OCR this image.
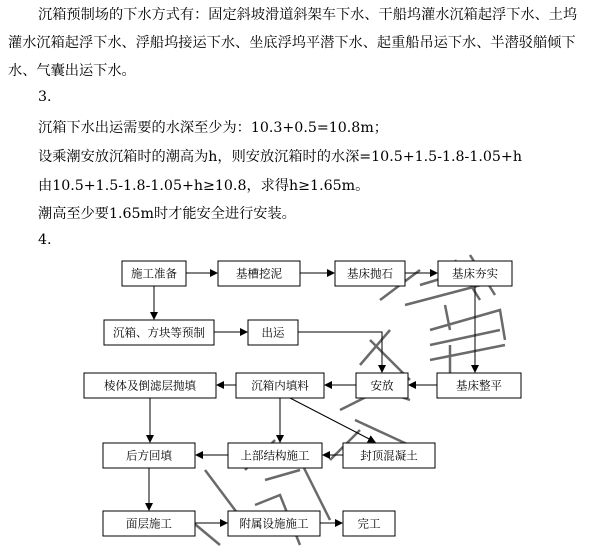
沉箱预制场的下水方式有：固定斜坡滑道斜架车下水、干船坞灌水沉箱起浮下水、土坞

灌水沉箱起浮下水、浮船坞接运下水、坐底浮坞平潜下水、起重船吊运下水、半潜驳艏倾下

水、气囊出运下水。

3.

沉箱下水出运需要的水深至少为：10.3+0.5=10.8m；

设乘潮安放沉箱时的潮高为h，则安放沉箱时的水深=10.5+1.5-1.8-1.05+h

由10.5+1.5-1.8-1.05+h≥10.8，求得h≥1.65m。

潮高至少要1.65m时才能安全进行安装。

4.

施工准备	基槽挖泥	基床抛石	基床夯实
沉箱、方块等预制	出运
棱体及倒滤层抛填	沉箱内填料	安放	基床整平
后方回填	上部结构施工	封顶混凝土
面层施工	附属设施施工	完工
